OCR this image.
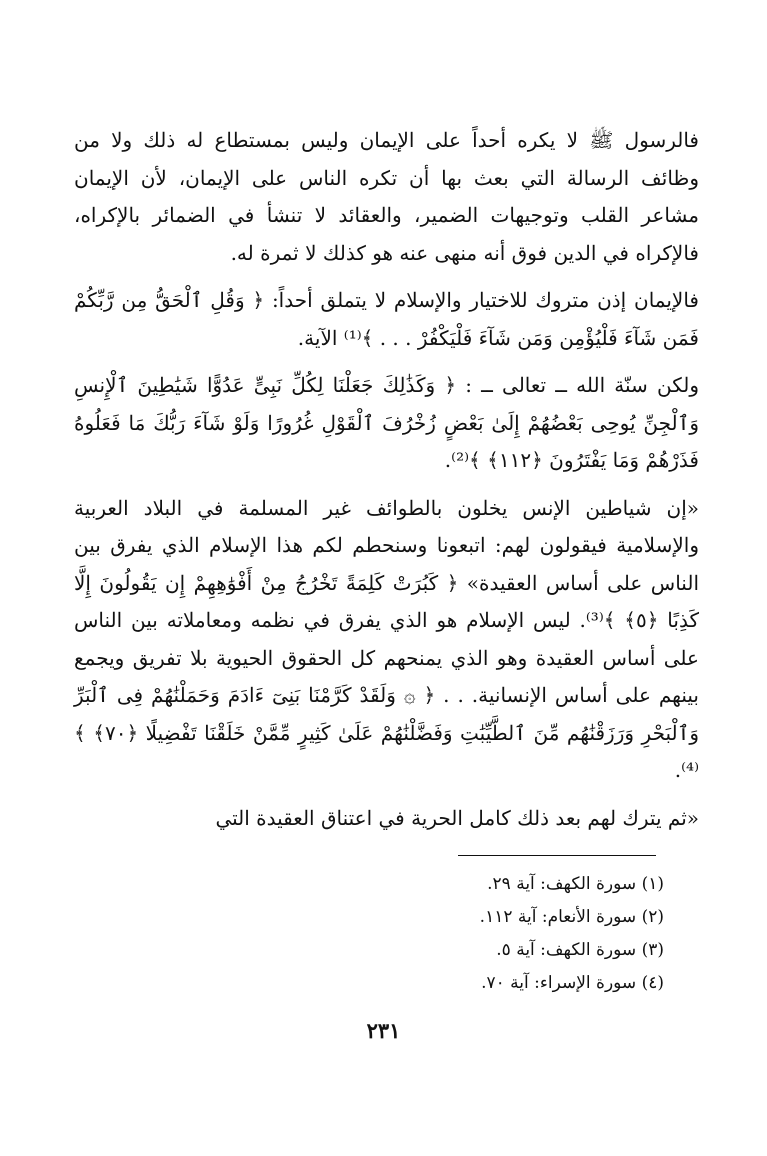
فالرسول ﷺ لا يكره أحداً على الإيمان وليس بمستطاع له ذلك ولا من وظائف الرسالة التي بعث بها أن تكره الناس على الإيمان، لأن الإيمان مشاعر القلب وتوجيهات الضمير، والعقائد لا تنشأ في الضمائر بالإكراه، فالإكراه في الدين فوق أنه منهى عنه هو كذلك لا ثمرة له.

فالإيمان إذن متروك للاختيار والإسلام لا يتملق أحداً: ﴿ وَقُلِ ٱلْحَقُّ مِن رَّبِّكُمْ فَمَن شَآءَ فَلْيُؤْمِن وَمَن شَآءَ فَلْيَكْفُرْ . . . ﴾⁽¹⁾ الآية.

ولكن سنّة الله ــ تعالى ــ : ﴿ وَكَذَٰلِكَ جَعَلْنَا لِكُلِّ نَبِىٍّ عَدُوًّا شَيَٰطِينَ ٱلْإِنسِ وَٱلْجِنِّ يُوحِى بَعْضُهُمْ إِلَىٰ بَعْضٍ زُخْرُفَ ٱلْقَوْلِ غُرُورًا وَلَوْ شَآءَ رَبُّكَ مَا فَعَلُوهُ فَذَرْهُمْ وَمَا يَفْتَرُونَ ﴿١١٢﴾ ﴾⁽²⁾.

«إن شياطين الإنس يخلون بالطوائف غير المسلمة في البلاد العربية والإسلامية فيقولون لهم: اتبعونا وسنحطم لكم هذا الإسلام الذي يفرق بين الناس على أساس العقيدة» ﴿ كَبُرَتْ كَلِمَةً تَخْرُجُ مِنْ أَفْوَٰهِهِمْ إِن يَقُولُونَ إِلَّا كَذِبًا ﴿٥﴾ ﴾⁽³⁾. ليس الإسلام هو الذي يفرق في نظمه ومعاملاته بين الناس على أساس العقيدة وهو الذي يمنحهم كل الحقوق الحيوية بلا تفريق ويجمع بينهم على أساس الإنسانية. . . ﴿ ۞ وَلَقَدْ كَرَّمْنَا بَنِىٓ ءَادَمَ وَحَمَلْنَٰهُمْ فِى ٱلْبَرِّ وَٱلْبَحْرِ وَرَزَقْنَٰهُم مِّنَ ٱلطَّيِّبَٰتِ وَفَضَّلْنَٰهُمْ عَلَىٰ كَثِيرٍ مِّمَّنْ خَلَقْنَا تَفْضِيلًا ﴿٧٠﴾ ﴾⁽⁴⁾.

«ثم يترك لهم بعد ذلك كامل الحرية في اعتناق العقيدة التي

(١) سورة الكهف: آية ٢٩.
(٢) سورة الأنعام: آية ١١٢.
(٣) سورة الكهف: آية ٥.
(٤) سورة الإسراء: آية ٧٠.
٢٣١
